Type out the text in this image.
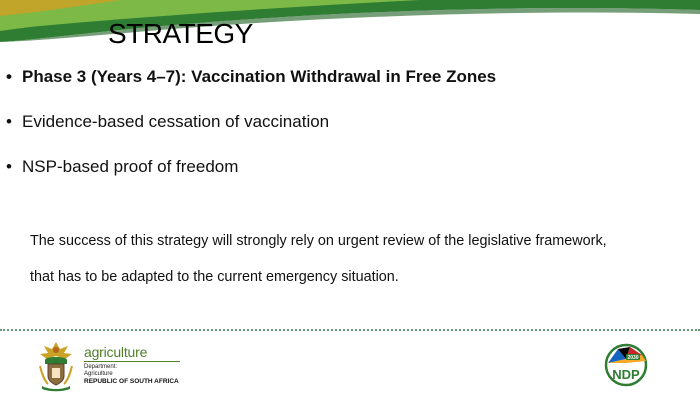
STRATEGY
• Phase 3 (Years 4–7): Vaccination Withdrawal in Free Zones
• Evidence-based cessation of vaccination
• NSP-based proof of freedom

The success of this strategy will strongly rely on urgent review of the legislative framework,
that has to be adapted to the current emergency situation.

agriculture
Department:
Agriculture
REPUBLIC OF SOUTH AFRICA
2030
NDP
